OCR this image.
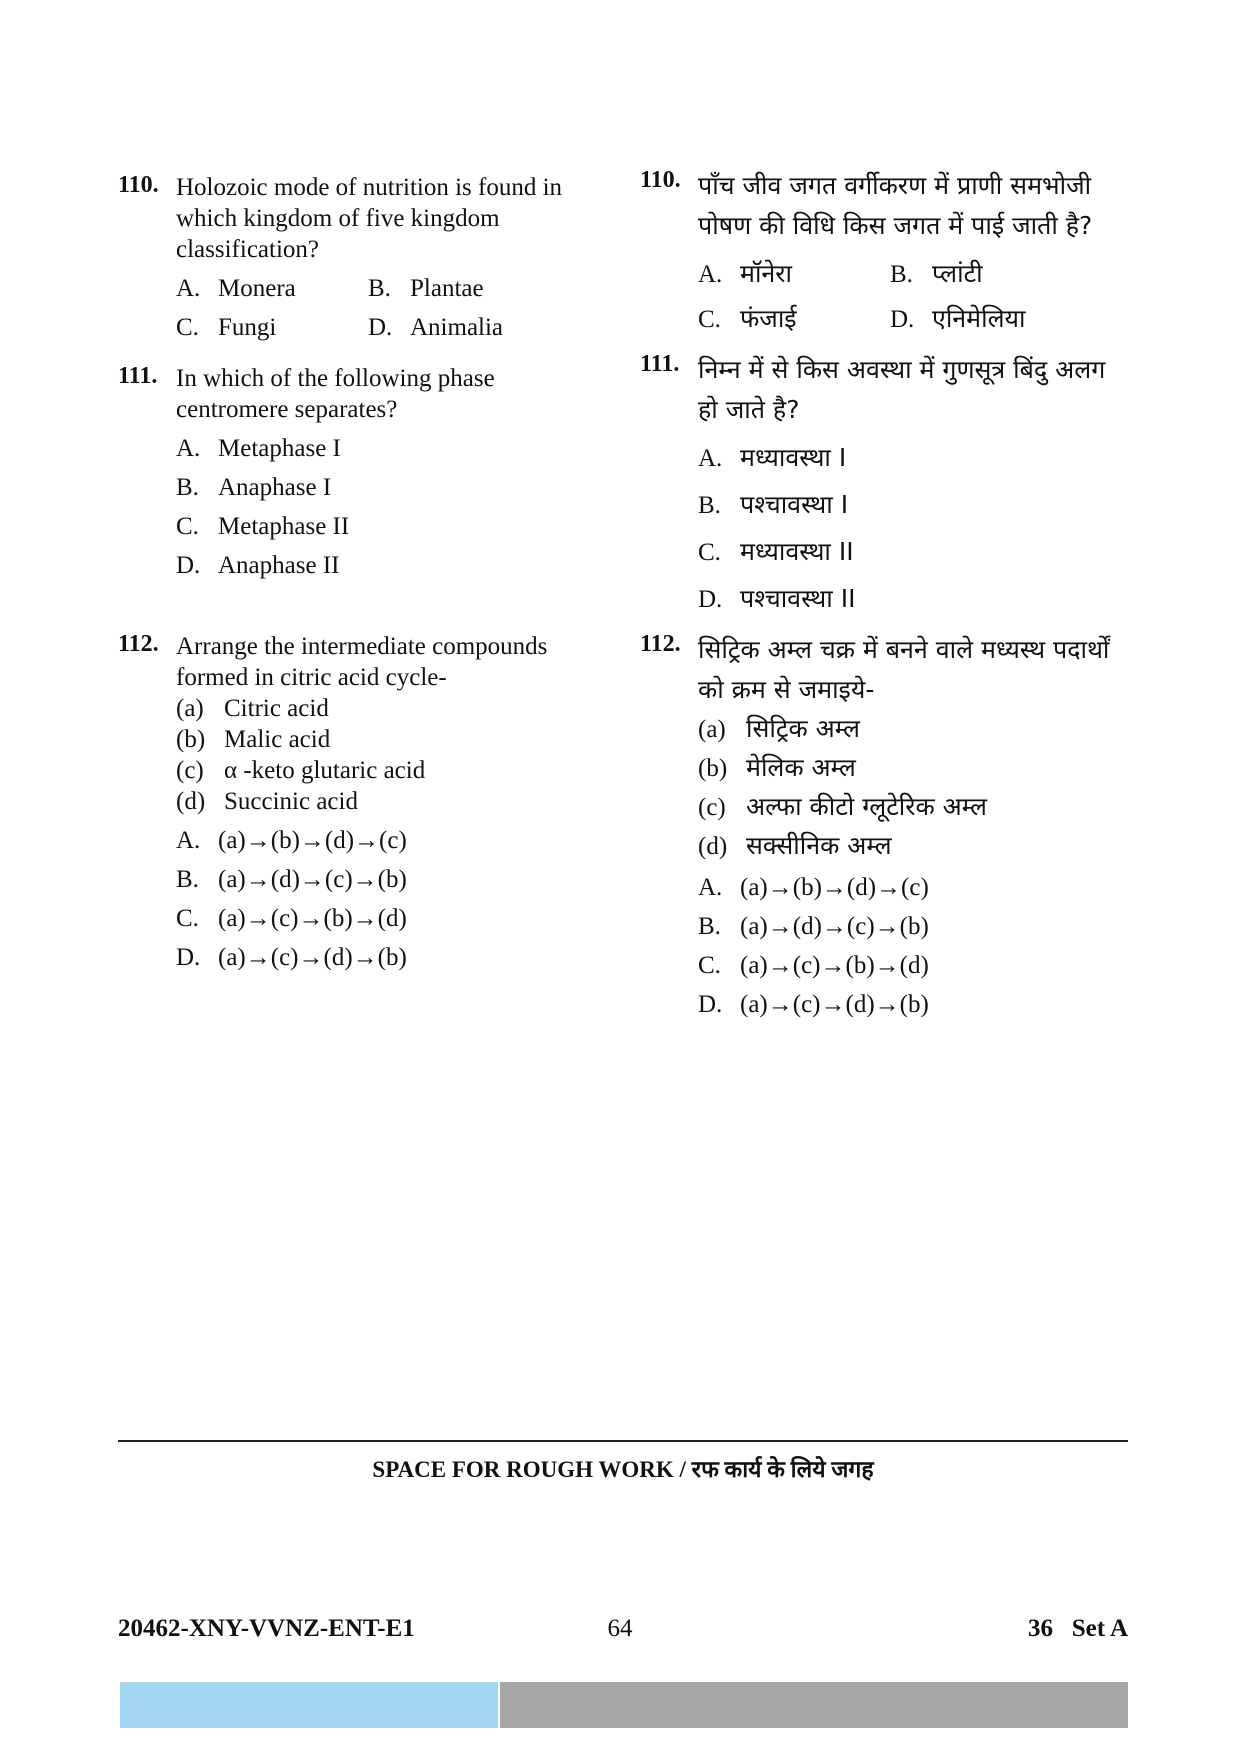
110. Holozoic mode of nutrition is found in which kingdom of five kingdom classification?
A. Monera	B. Plantae
C. Fungi	D. Animalia
111. In which of the following phase centromere separates?
A. Metaphase I
B. Anaphase I
C. Metaphase II
D. Anaphase II
112. Arrange the intermediate compounds formed in citric acid cycle-
(a) Citric acid
(b) Malic acid
(c) α -keto glutaric acid
(d) Succinic acid
A. (a)→(b)→(d)→(c)
B. (a)→(d)→(c)→(b)
C. (a)→(c)→(b)→(d)
D. (a)→(c)→(d)→(b)
110. पाँच जीव जगत वर्गीकरण में प्राणी समभोजी पोषण की विधि किस जगत में पाई जाती है?
A. मॉनेरा	B. प्लांटी
C. फंजाई	D. एनिमेलिया
111. निम्न में से किस अवस्था में गुणसूत्र बिंदु अलग हो जाते है?
A. मध्यावस्था I
B. पश्चावस्था I
C. मध्यावस्था II
D. पश्चावस्था II
112. सिट्रिक अम्ल चक्र में बनने वाले मध्यस्थ पदार्थों को क्रम से जमाइये-
(a) सिट्रिक अम्ल
(b) मेलिक अम्ल
(c) अल्फा कीटो ग्लूटेरिक अम्ल
(d) सक्सीनिक अम्ल
A. (a)→(b)→(d)→(c)
B. (a)→(d)→(c)→(b)
C. (a)→(c)→(b)→(d)
D. (a)→(c)→(d)→(b)
SPACE FOR ROUGH WORK / रफ कार्य के लिये जगह
20462-XNY-VVNZ-ENT-E1	64	36   Set A
